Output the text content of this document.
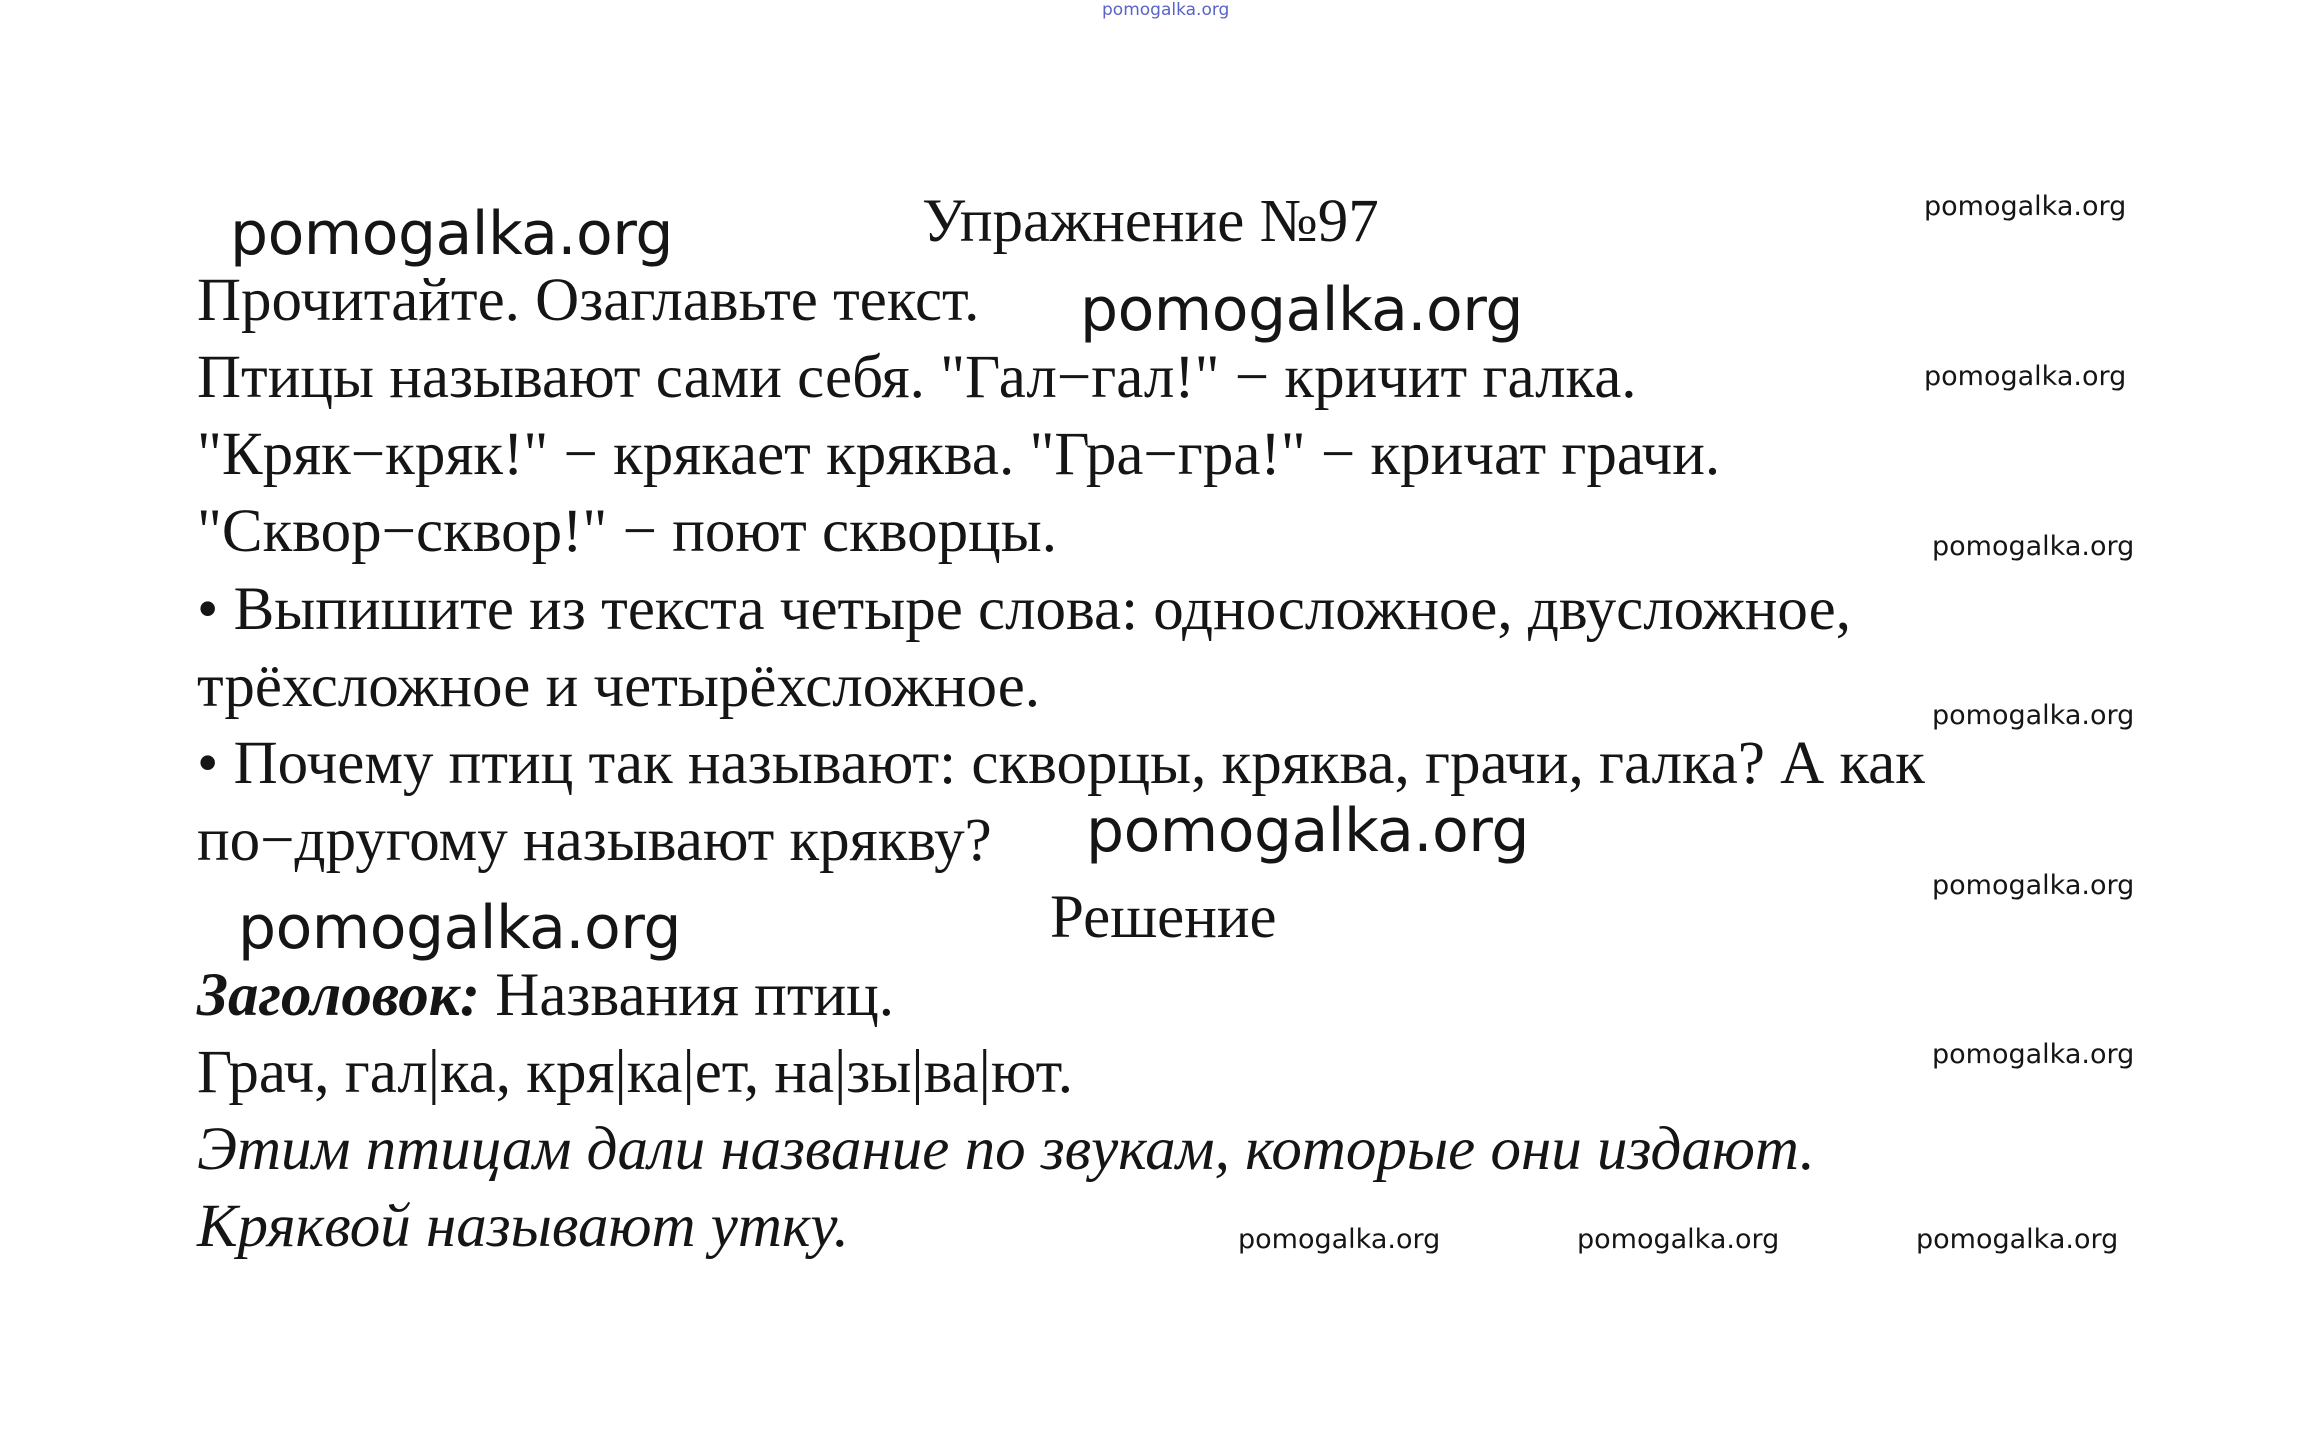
pomogalka.org
Упражнение №97
pomogalka.org
pomogalka.org
pomogalka.org
pomogalka.org
pomogalka.org
pomogalka.org
pomogalka.org
pomogalka.org
pomogalka.org
pomogalka.org
pomogalka.org	pomogalka.org	pomogalka.org
Прочитайте. Озаглавьте текст.
Птицы называют сами себя. "Гал−гал!" − кричит галка.
"Кряк−кряк!" − крякает кряква. "Гра−гра!" − кричат грачи.
"Сквор−сквор!" − поют скворцы.
• Выпишите из текста четыре слова: односложное, двусложное,
трёхсложное и четырёхсложное.
• Почему птиц так называют: скворцы, кряква, грачи, галка? А как
по−другому называют крякву?
Решение
Заголовок: Названия птиц.
Грач, гал|ка, кря|ка|ет, на|зы|ва|ют.
Этим птицам дали название по звукам, которые они издают.
Кряквой называют утку.
